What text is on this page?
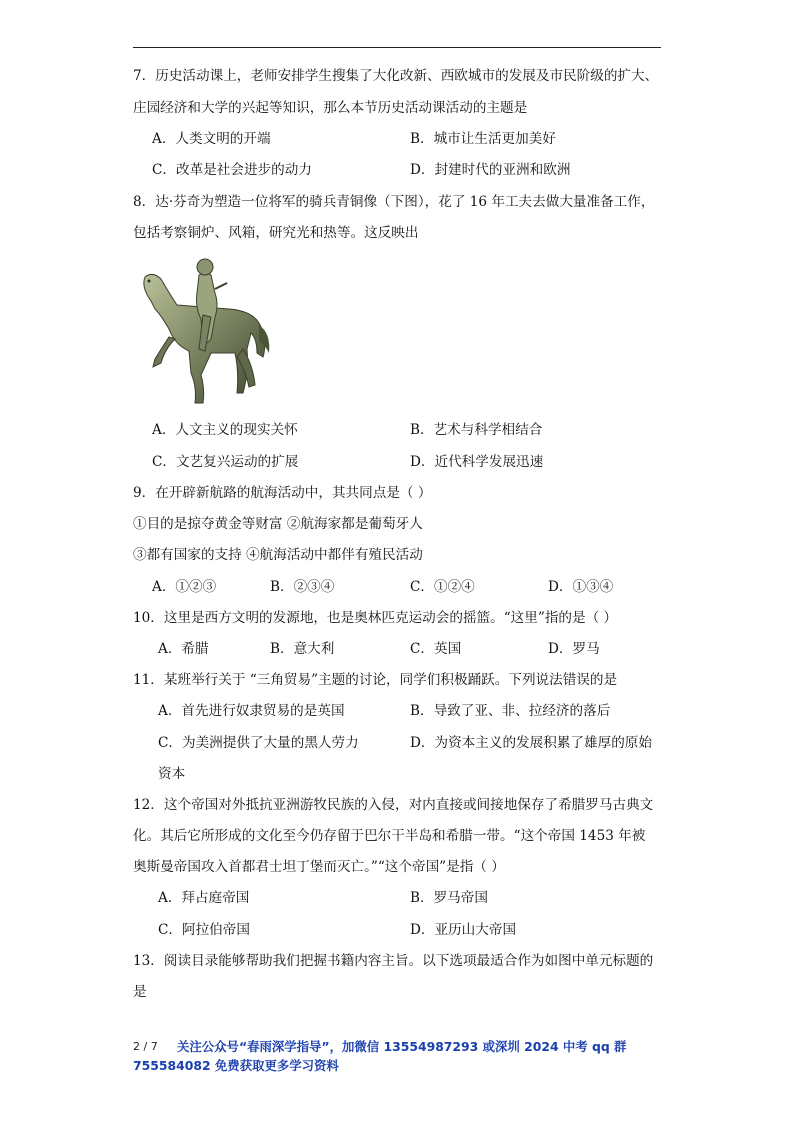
7．历史活动课上，老师安排学生搜集了大化改新、西欧城市的发展及市民阶级的扩大、
庄园经济和大学的兴起等知识，那么本节历史活动课活动的主题是
A．人类文明的开端	B．城市让生活更加美好
C．改革是社会进步的动力	D．封建时代的亚洲和欧洲
8．达·芬奇为塑造一位将军的骑兵青铜像（下图），花了 16 年工夫去做大量准备工作，
包括考察铜炉、风箱，研究光和热等。这反映出
A．人文主义的现实关怀	B．艺术与科学相结合
C．文艺复兴运动的扩展	D．近代科学发展迅速
9．在开辟新航路的航海活动中，其共同点是（ ）
①目的是掠夺黄金等财富 ②航海家都是葡萄牙人
③都有国家的支持 ④航海活动中都伴有殖民活动
A．①②③	B．②③④	C．①②④	D．①③④
10．这里是西方文明的发源地，也是奥林匹克运动会的摇篮。“这里”指的是（ ）
A．希腊	B．意大利	C．英国	D．罗马
11．某班举行关于 “三角贸易”主题的讨论，同学们积极踊跃。下列说法错误的是
A．首先进行奴隶贸易的是英国	B．导致了亚、非、拉经济的落后
C．为美洲提供了大量的黑人劳力	D．为资本主义的发展积累了雄厚的原始
资本
12．这个帝国对外抵抗亚洲游牧民族的入侵，对内直接或间接地保存了希腊罗马古典文
化。其后它所形成的文化至今仍存留于巴尔干半岛和希腊一带。“这个帝国 1453 年被
奥斯曼帝国攻入首都君士坦丁堡而灭亡。”“这个帝国”是指（ ）
A．拜占庭帝国	B．罗马帝国
C．阿拉伯帝国	D．亚历山大帝国
13．阅读目录能够帮助我们把握书籍内容主旨。以下选项最适合作为如图中单元标题的
是
2 / 7 关注公众号“春雨深学指导”，加微信 13554987293 或深圳 2024 中考 qq 群
755584082 免费获取更多学习资料
